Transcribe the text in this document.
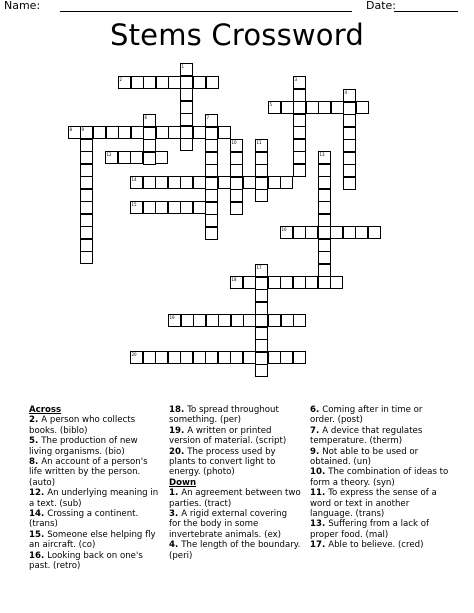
Name:	Date:
Stems Crossword
1
2	3
4
5
6	7
8 9
10	11
12	13
14
15
16
17
18
19
20
Across
2. A person who collects books. (biblo)
5. The production of new living organisms. (bio)
8. An account of a person's life written by the person. (auto)
12. An underlying meaning in a text. (sub)
14. Crossing a continent. (trans)
15. Someone else helping fly an aircraft. (co)
16. Looking back on one's past. (retro)
18. To spread throughout something. (per)
19. A written or printed version of material. (script)
20. The process used by plants to convert light to energy. (photo)
Down
1. An agreement between two parties. (tract)
3. A rigid external covering for the body in some invertebrate animals. (ex)
4. The length of the boundary. (peri)
6. Coming after in time or order. (post)
7. A device that regulates temperature. (therm)
9. Not able to be used or obtained. (un)
10. The combination of ideas to form a theory. (syn)
11. To express the sense of a word or text in another language. (trans)
13. Suffering from a lack of proper food. (mal)
17. Able to believe. (cred)
